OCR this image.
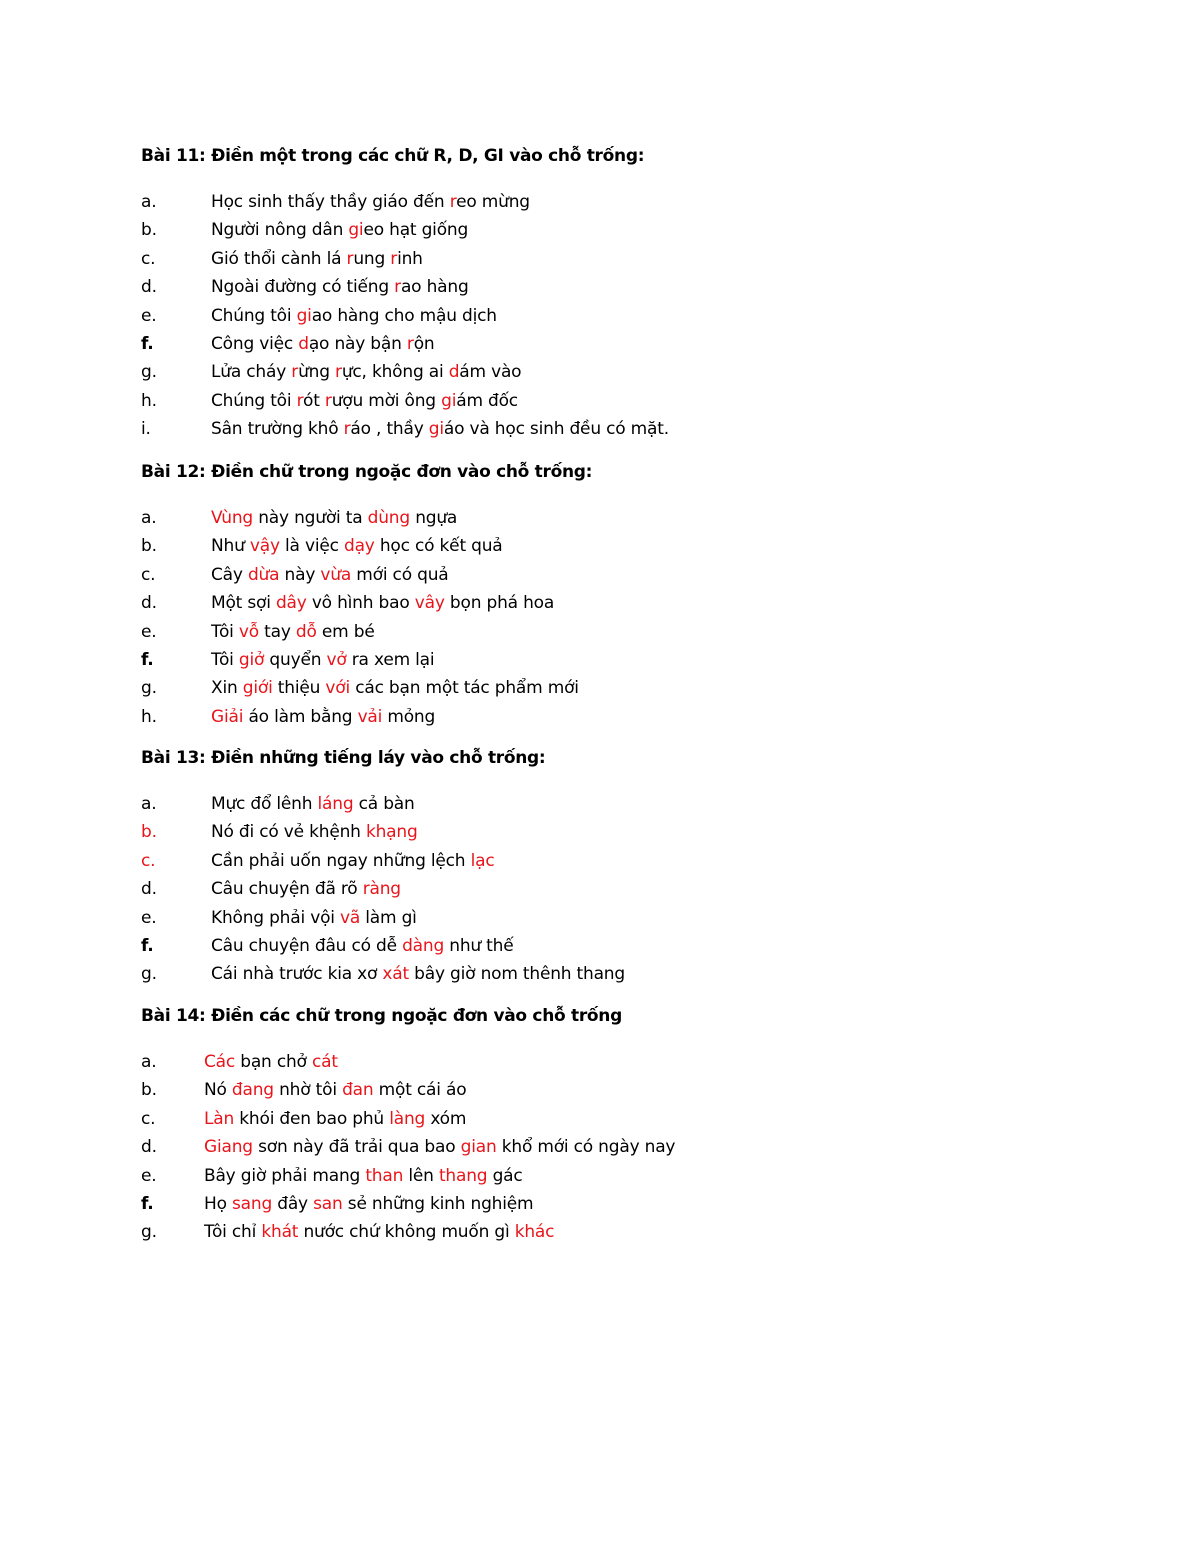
Bài 11: Điền một trong các chữ R, D, GI vào chỗ trống:
a.	Học sinh thấy thầy giáo đến reo mừng
b.	Người nông dân gieo hạt giống
c.	Gió thổi cành lá rung rinh
d.	Ngoài đường có tiếng rao hàng
e.	Chúng tôi giao hàng cho mậu dịch
f.	Công việc dạo này bận rộn
g.	Lửa cháy rừng rực, không ai dám vào
h.	Chúng tôi rót rượu mời ông giám đốc
i.	Sân trường khô ráo , thầy giáo và học sinh đều có mặt.
Bài 12: Điền chữ trong ngoặc đơn vào chỗ trống:
a.	Vùng này người ta dùng ngựa
b.	Như vậy là việc dạy học có kết quả
c.	Cây dừa này vừa mới có quả
d.	Một sợi dây vô hình bao vây bọn phá hoa
e.	Tôi vỗ tay dỗ em bé
f.	Tôi giở quyển vở ra xem lại
g.	Xin giới thiệu với các bạn một tác phẩm mới
h.	Giải áo làm bằng vải mỏng
Bài 13: Điền những tiếng láy vào chỗ trống:
a.	Mực đổ lênh láng cả bàn
b.	Nó đi có vẻ khệnh khạng
c.	Cần phải uốn ngay những lệch lạc
d.	Câu chuyện đã rõ ràng
e.	Không phải vội vã làm gì
f.	Câu chuyện đâu có dễ dàng như thế
g.	Cái nhà trước kia xơ xát bây giờ nom thênh thang
Bài 14: Điền các chữ trong ngoặc đơn vào chỗ trống
a.	Các bạn chở cát
b.	Nó đang nhờ tôi đan một cái áo
c.	Làn khói đen bao phủ làng xóm
d.	Giang sơn này đã trải qua bao gian khổ mới có ngày nay
e.	Bây giờ phải mang than lên thang gác
f.	Họ sang đây san sẻ những kinh nghiệm
g.	Tôi chỉ khát nước chứ không muốn gì khác
